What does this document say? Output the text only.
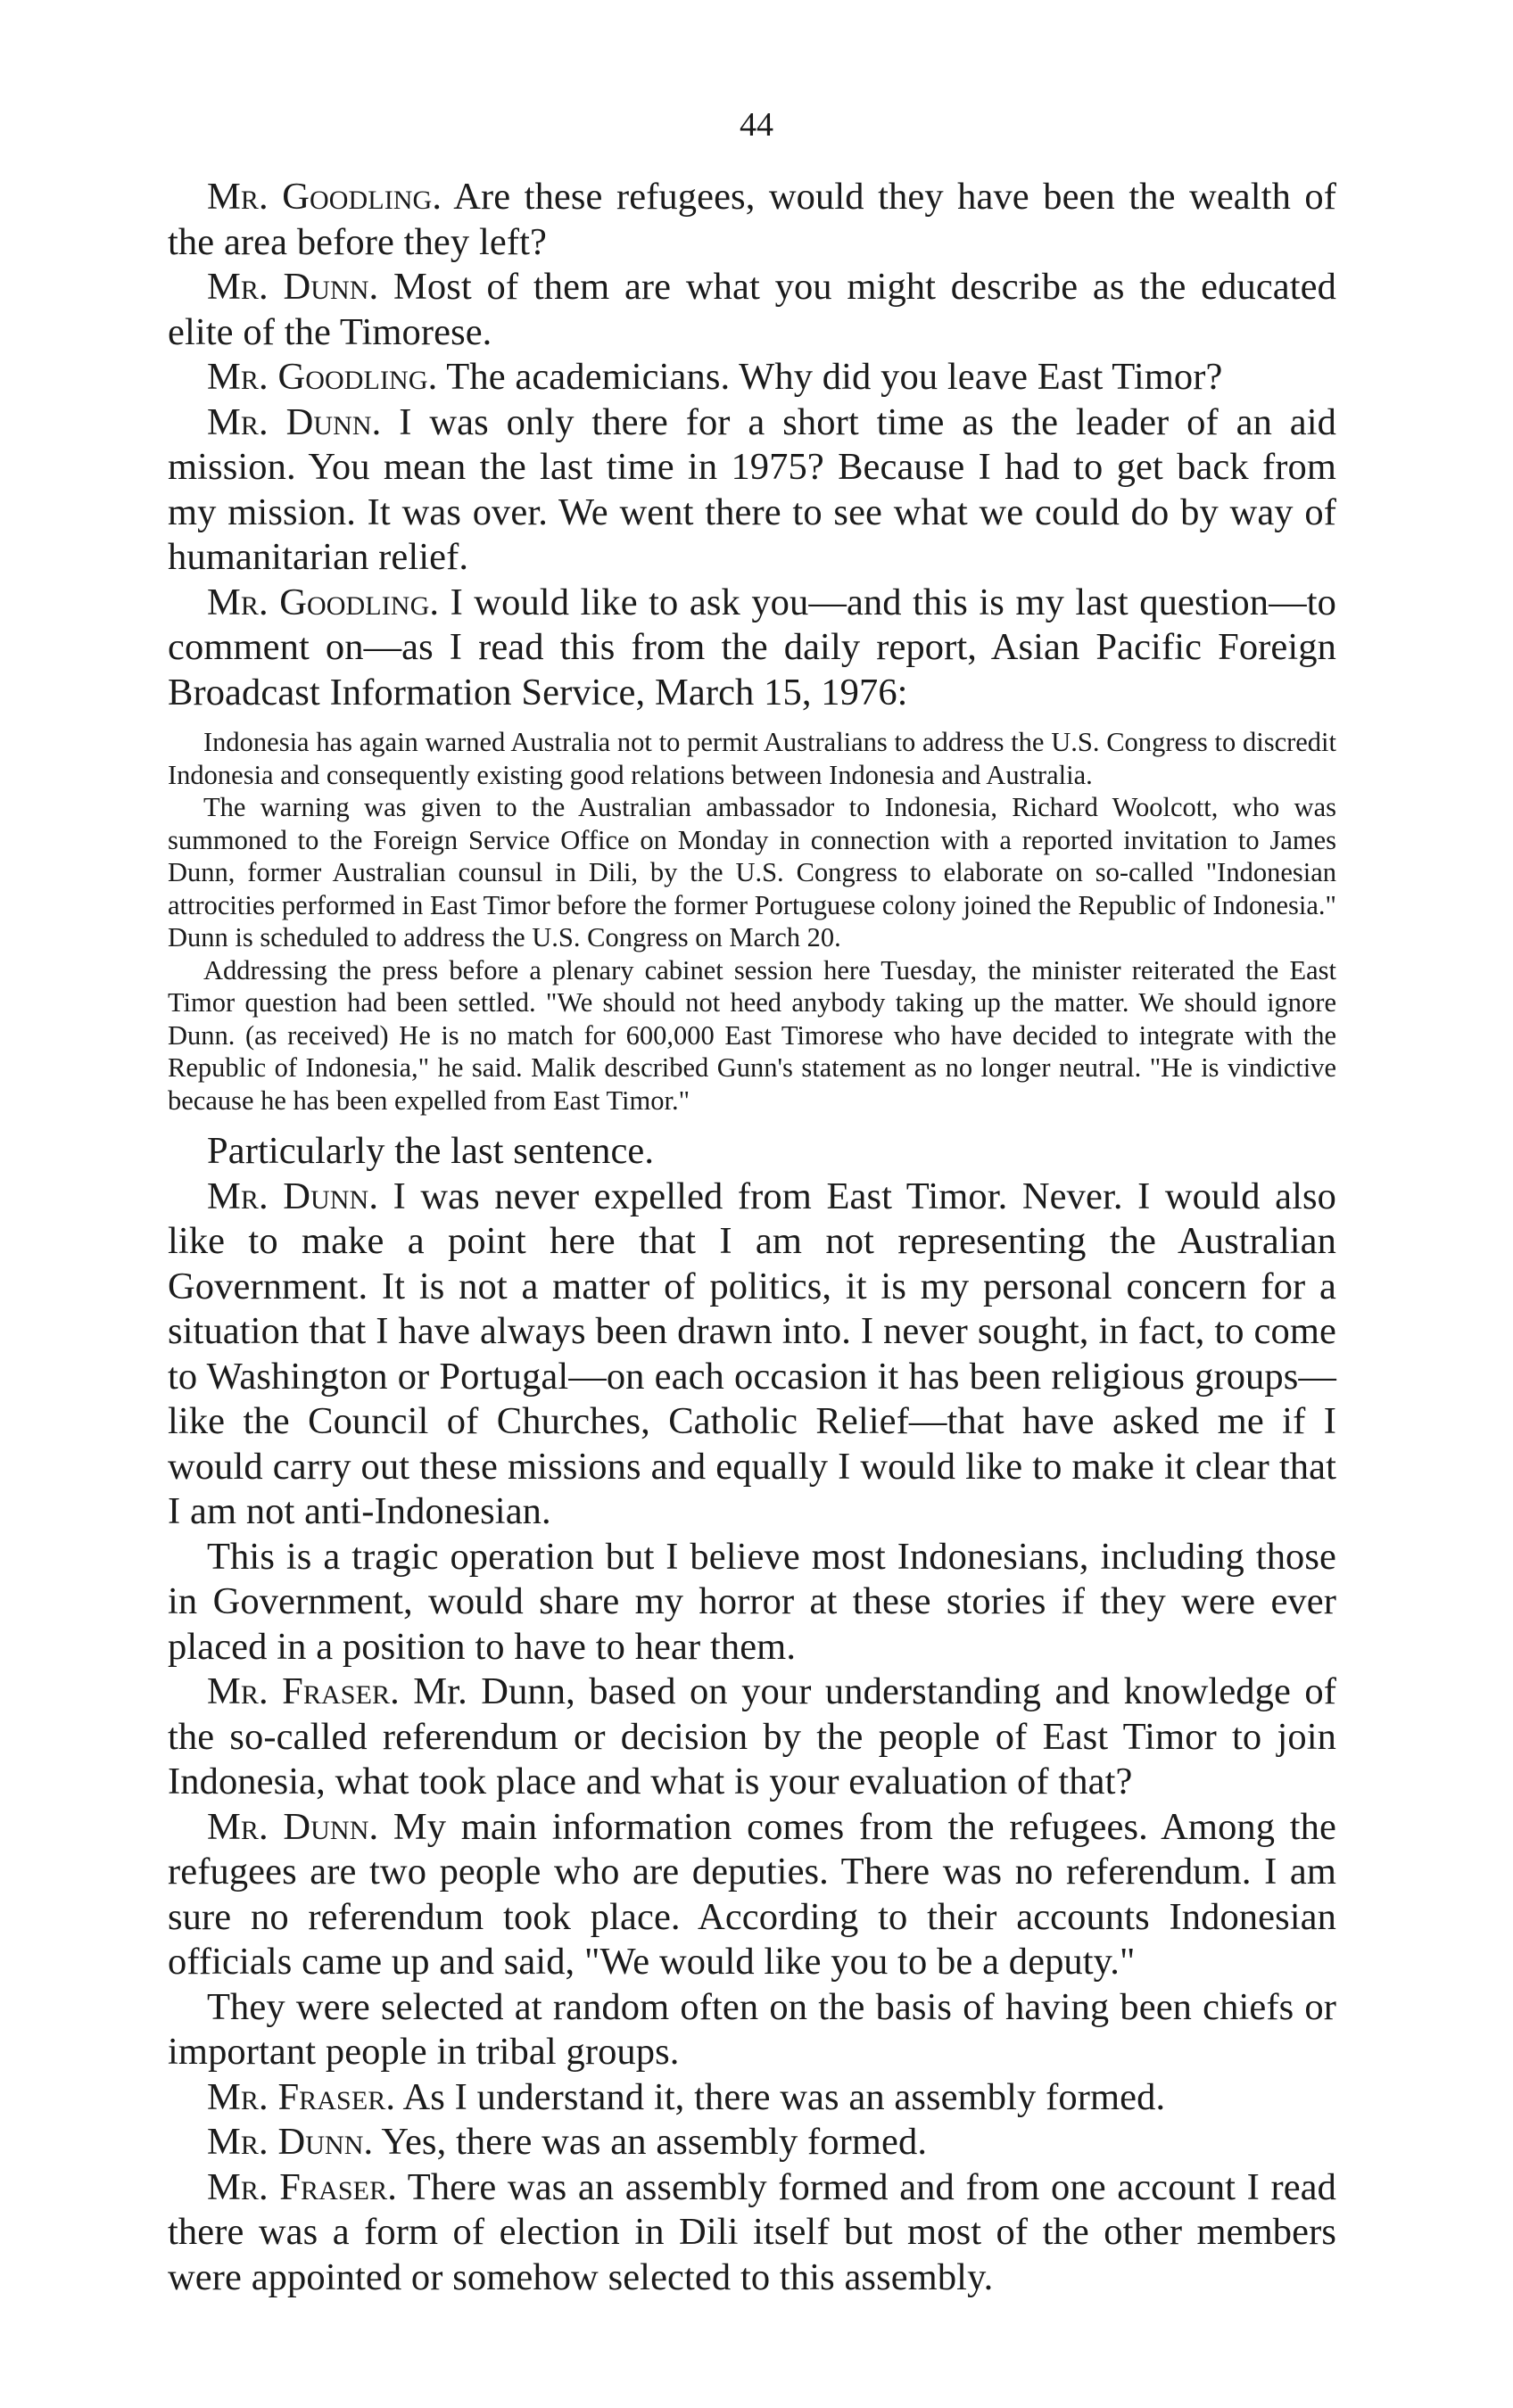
44

Mr. Goodling. Are these refugees, would they have been the wealth of the area before they left?

Mr. Dunn. Most of them are what you might describe as the educated elite of the Timorese.

Mr. Goodling. The academicians. Why did you leave East Timor?

Mr. Dunn. I was only there for a short time as the leader of an aid mission. You mean the last time in 1975? Because I had to get back from my mission. It was over. We went there to see what we could do by way of humanitarian relief.

Mr. Goodling. I would like to ask you—and this is my last question—to comment on—as I read this from the daily report, Asian Pacific Foreign Broadcast Information Service, March 15, 1976:

Indonesia has again warned Australia not to permit Australians to address the U.S. Congress to discredit Indonesia and consequently existing good relations between Indonesia and Australia.

The warning was given to the Australian ambassador to Indonesia, Richard Woolcott, who was summoned to the Foreign Service Office on Monday in connection with a reported invitation to James Dunn, former Australian counsul in Dili, by the U.S. Congress to elaborate on so-called "Indonesian attrocities performed in East Timor before the former Portuguese colony joined the Republic of Indonesia." Dunn is scheduled to address the U.S. Congress on March 20.

Addressing the press before a plenary cabinet session here Tuesday, the minister reiterated the East Timor question had been settled. "We should not heed anybody taking up the matter. We should ignore Dunn. (as received) He is no match for 600,000 East Timorese who have decided to integrate with the Republic of Indonesia," he said. Malik described Gunn's statement as no longer neutral. "He is vindictive because he has been expelled from East Timor."

Particularly the last sentence.

Mr. Dunn. I was never expelled from East Timor. Never. I would also like to make a point here that I am not representing the Australian Government. It is not a matter of politics, it is my personal concern for a situation that I have always been drawn into. I never sought, in fact, to come to Washington or Portugal—on each occasion it has been religious groups—like the Council of Churches, Catholic Relief—that have asked me if I would carry out these missions and equally I would like to make it clear that I am not anti-Indonesian.

This is a tragic operation but I believe most Indonesians, including those in Government, would share my horror at these stories if they were ever placed in a position to have to hear them.

Mr. Fraser. Mr. Dunn, based on your understanding and knowledge of the so-called referendum or decision by the people of East Timor to join Indonesia, what took place and what is your evaluation of that?

Mr. Dunn. My main information comes from the refugees. Among the refugees are two people who are deputies. There was no referendum. I am sure no referendum took place. According to their accounts Indonesian officials came up and said, "We would like you to be a deputy."

They were selected at random often on the basis of having been chiefs or important people in tribal groups.

Mr. Fraser. As I understand it, there was an assembly formed.

Mr. Dunn. Yes, there was an assembly formed.

Mr. Fraser. There was an assembly formed and from one account I read there was a form of election in Dili itself but most of the other members were appointed or somehow selected to this assembly.
